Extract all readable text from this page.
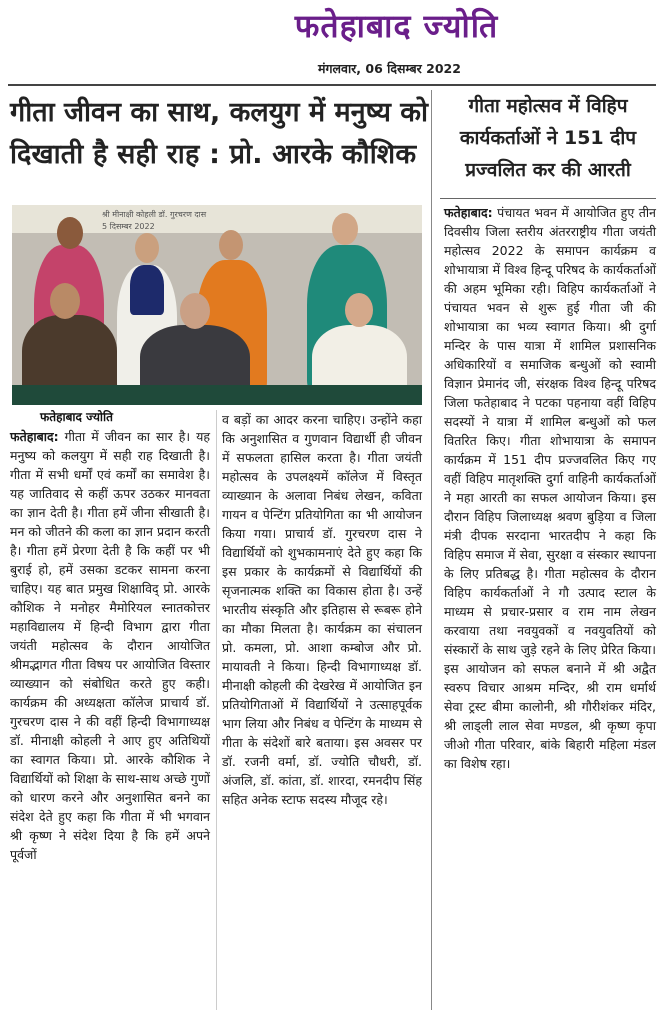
फतेहाबाद ज्योति
मंगलवार, 06 दिसम्बर 2022
गीता जीवन का साथ, कलयुग में मनुष्य को
दिखाती है सही राह : प्रो. आरके कौशिक
श्री मीनाक्षी कोहली डॉ. गुरचरण दास
5 दिसम्बर 2022
फतेहाबाद ज्योति
फतेहाबाद: गीता में जीवन का सार है। यह मनुष्य को कलयुग में सही राह दिखाती है। गीता में सभी धर्मों एवं कर्मों का समावेश है। यह जातिवाद से कहीं ऊपर उठकर मानवता का ज्ञान देती है। गीता हमें जीना सीखाती है। मन को जीतने की कला का ज्ञान प्रदान करती है। गीता हमें प्रेरणा देती है कि कहीं पर भी बुराई हो, हमें उसका डटकर सामना करना चाहिए। यह बात प्रमुख शिक्षाविद् प्रो. आरके कौशिक ने मनोहर मैमोरियल स्नातकोत्तर महाविद्यालय में हिन्दी विभाग द्वारा गीता जयंती महोत्सव के दौरान आयोजित श्रीमद्भागत गीता विषय पर आयोजित विस्तार व्याख्यान को संबोधित करते हुए कही। कार्यक्रम की अध्यक्षता कॉलेज प्राचार्य डॉ. गुरचरण दास ने की वहीं हिन्दी विभागाध्यक्ष डॉ. मीनाक्षी कोहली ने आए हुए अतिथियों का स्वागत किया। प्रो. आरके कौशिक ने विद्यार्थियों को शिक्षा के साथ-साथ अच्छे गुणों को धारण करने और अनुशासित बनने का संदेश देते हुए कहा कि गीता में भी भगवान श्री कृष्ण ने संदेश दिया है कि हमें अपने पूर्वजों
व बड़ों का आदर करना चाहिए। उन्होंने कहा कि अनुशासित व गुणवान विद्यार्थी ही जीवन में सफलता हासिल करता है। गीता जयंती महोत्सव के उपलक्ष्यमें कॉलेज में विस्तृत व्याख्यान के अलावा निबंध लेखन, कविता गायन व पेन्टिंग प्रतियोगिता का भी आयोजन किया गया। प्राचार्य डॉ. गुरचरण दास ने विद्यार्थियों को शुभकामनाएं देते हुए कहा कि इस प्रकार के कार्यक्रमों से विद्यार्थियों की सृजनात्मक शक्ति का विकास होता है। उन्हें भारतीय संस्कृति और इतिहास से रूबरू होने का मौका मिलता है। कार्यक्रम का संचालन प्रो. कमला, प्रो. आशा कम्बोज और प्रो. मायावती ने किया। हिन्दी विभागाध्यक्ष डॉ. मीनाक्षी कोहली की देखरेख में आयोजित इन प्रतियोगिताओं में विद्यार्थियों ने उत्साहपूर्वक भाग लिया और निबंध व पेन्टिंग के माध्यम से गीता के संदेशों बारे बताया। इस अवसर पर डॉ. रजनी वर्मा, डॉ. ज्योति चौधरी, डॉ. अंजलि, डॉ. कांता, डॉ. शारदा, रमनदीप सिंह सहित अनेक स्टाफ सदस्य मौजूद रहे।
गीता महोत्सव में विहिप कार्यकर्ताओं ने 151 दीप प्रज्वलित कर की आरती
फतेहाबाद: पंचायत भवन में आयोजित हुए तीन दिवसीय जिला स्तरीय अंतरराष्ट्रीय गीता जयंती महोत्सव 2022 के समापन कार्यक्रम व शोभायात्रा में विश्व हिन्दू परिषद के कार्यकर्ताओं की अहम भूमिका रही। विहिप कार्यकर्ताओं ने पंचायत भवन से शुरू हुई गीता जी की शोभायात्रा का भव्य स्वागत किया। श्री दुर्गा मन्दिर के पास यात्रा में शामिल प्रशासनिक अधिकारियों व समाजिक बन्धुओं को स्वामी विज्ञान प्रेमानंद जी, संरक्षक विश्व हिन्दू परिषद जिला फतेहाबाद ने पटका पहनाया वहीं विहिप सदस्यों ने यात्रा में शामिल बन्धुओं को फल वितरित किए। गीता शोभायात्रा के समापन कार्यक्रम में 151 दीप प्रज्जवलित किए गए वहीं विहिप मातृशक्ति दुर्गा वाहिनी कार्यकर्ताओं ने महा आरती का सफल आयोजन किया। इस दौरान विहिप जिलाध्यक्ष श्रवण बुड़िया व जिला मंत्री दीपक सरदाना भारतदीप ने कहा कि विहिप समाज में सेवा, सुरक्षा व संस्कार स्थापना के लिए प्रतिबद्ध है। गीता महोत्सव के दौरान विहिप कार्यकर्ताओं ने गौ उत्पाद स्टाल के माध्यम से प्रचार-प्रसार व राम नाम लेखन करवाया तथा नवयुवकों व नवयुवतियों को संस्कारों के साथ जुड़े रहने के लिए प्रेरित किया। इस आयोजन को सफल बनाने में श्री अद्वैत स्वरुप विचार आश्रम मन्दिर, श्री राम धर्मार्थ सेवा ट्रस्ट बीमा कालोनी, श्री गौरीशंकर मंदिर, श्री लाड्ली लाल सेवा मण्डल, श्री कृष्ण कृपा जीओ गीता परिवार, बांके बिहारी महिला मंडल का विशेष रहा।
